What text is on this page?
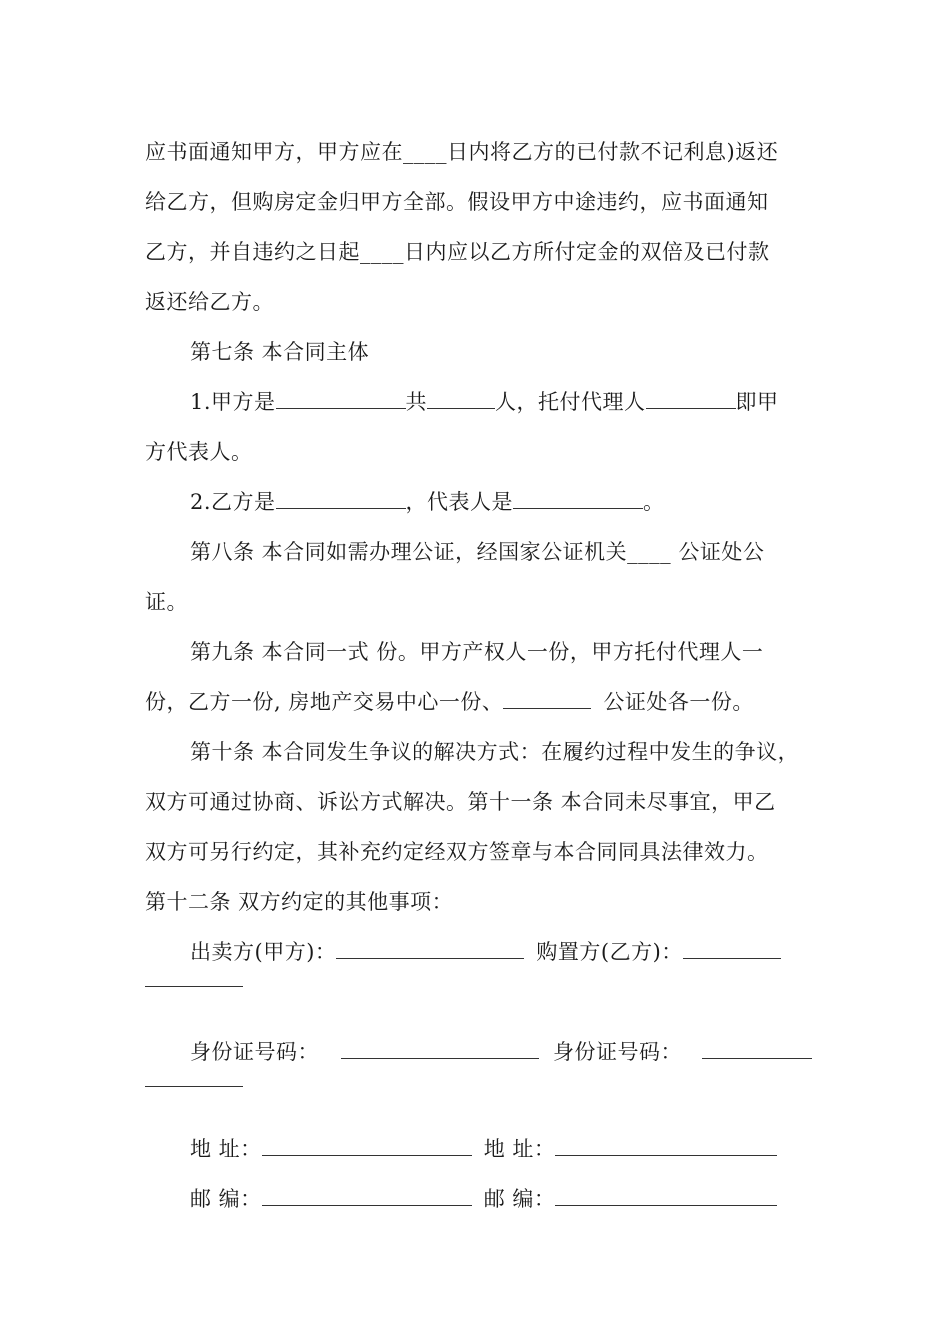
应书面通知甲方，甲方应在____日内将乙方的已付款不记利息)返还
给乙方，但购房定金归甲方全部。假设甲方中途违约，应书面通知
乙方，并自违约之日起____日内应以乙方所付定金的双倍及已付款
返还给乙方。
第七条 本合同主体
1.甲方是	共	人，托付代理人	即甲
方代表人。
2.乙方是	，代表人是	。
第八条 本合同如需办理公证，经国家公证机关____ 公证处公
证。
第九条 本合同一式 份。甲方产权人一份，甲方托付代理人一
份，乙方一份, 房地产交易中心一份、	公证处各一份。
第十条 本合同发生争议的解决方式：在履约过程中发生的争议，
双方可通过协商、诉讼方式解决。第十一条 本合同未尽事宜，甲乙
双方可另行约定，其补充约定经双方签章与本合同同具法律效力。
第十二条 双方约定的其他事项：
出卖方(甲方)：	购置方(乙方)：
身份证号码：	身份证号码：
地 址：	地 址：
邮 编：	邮 编：
